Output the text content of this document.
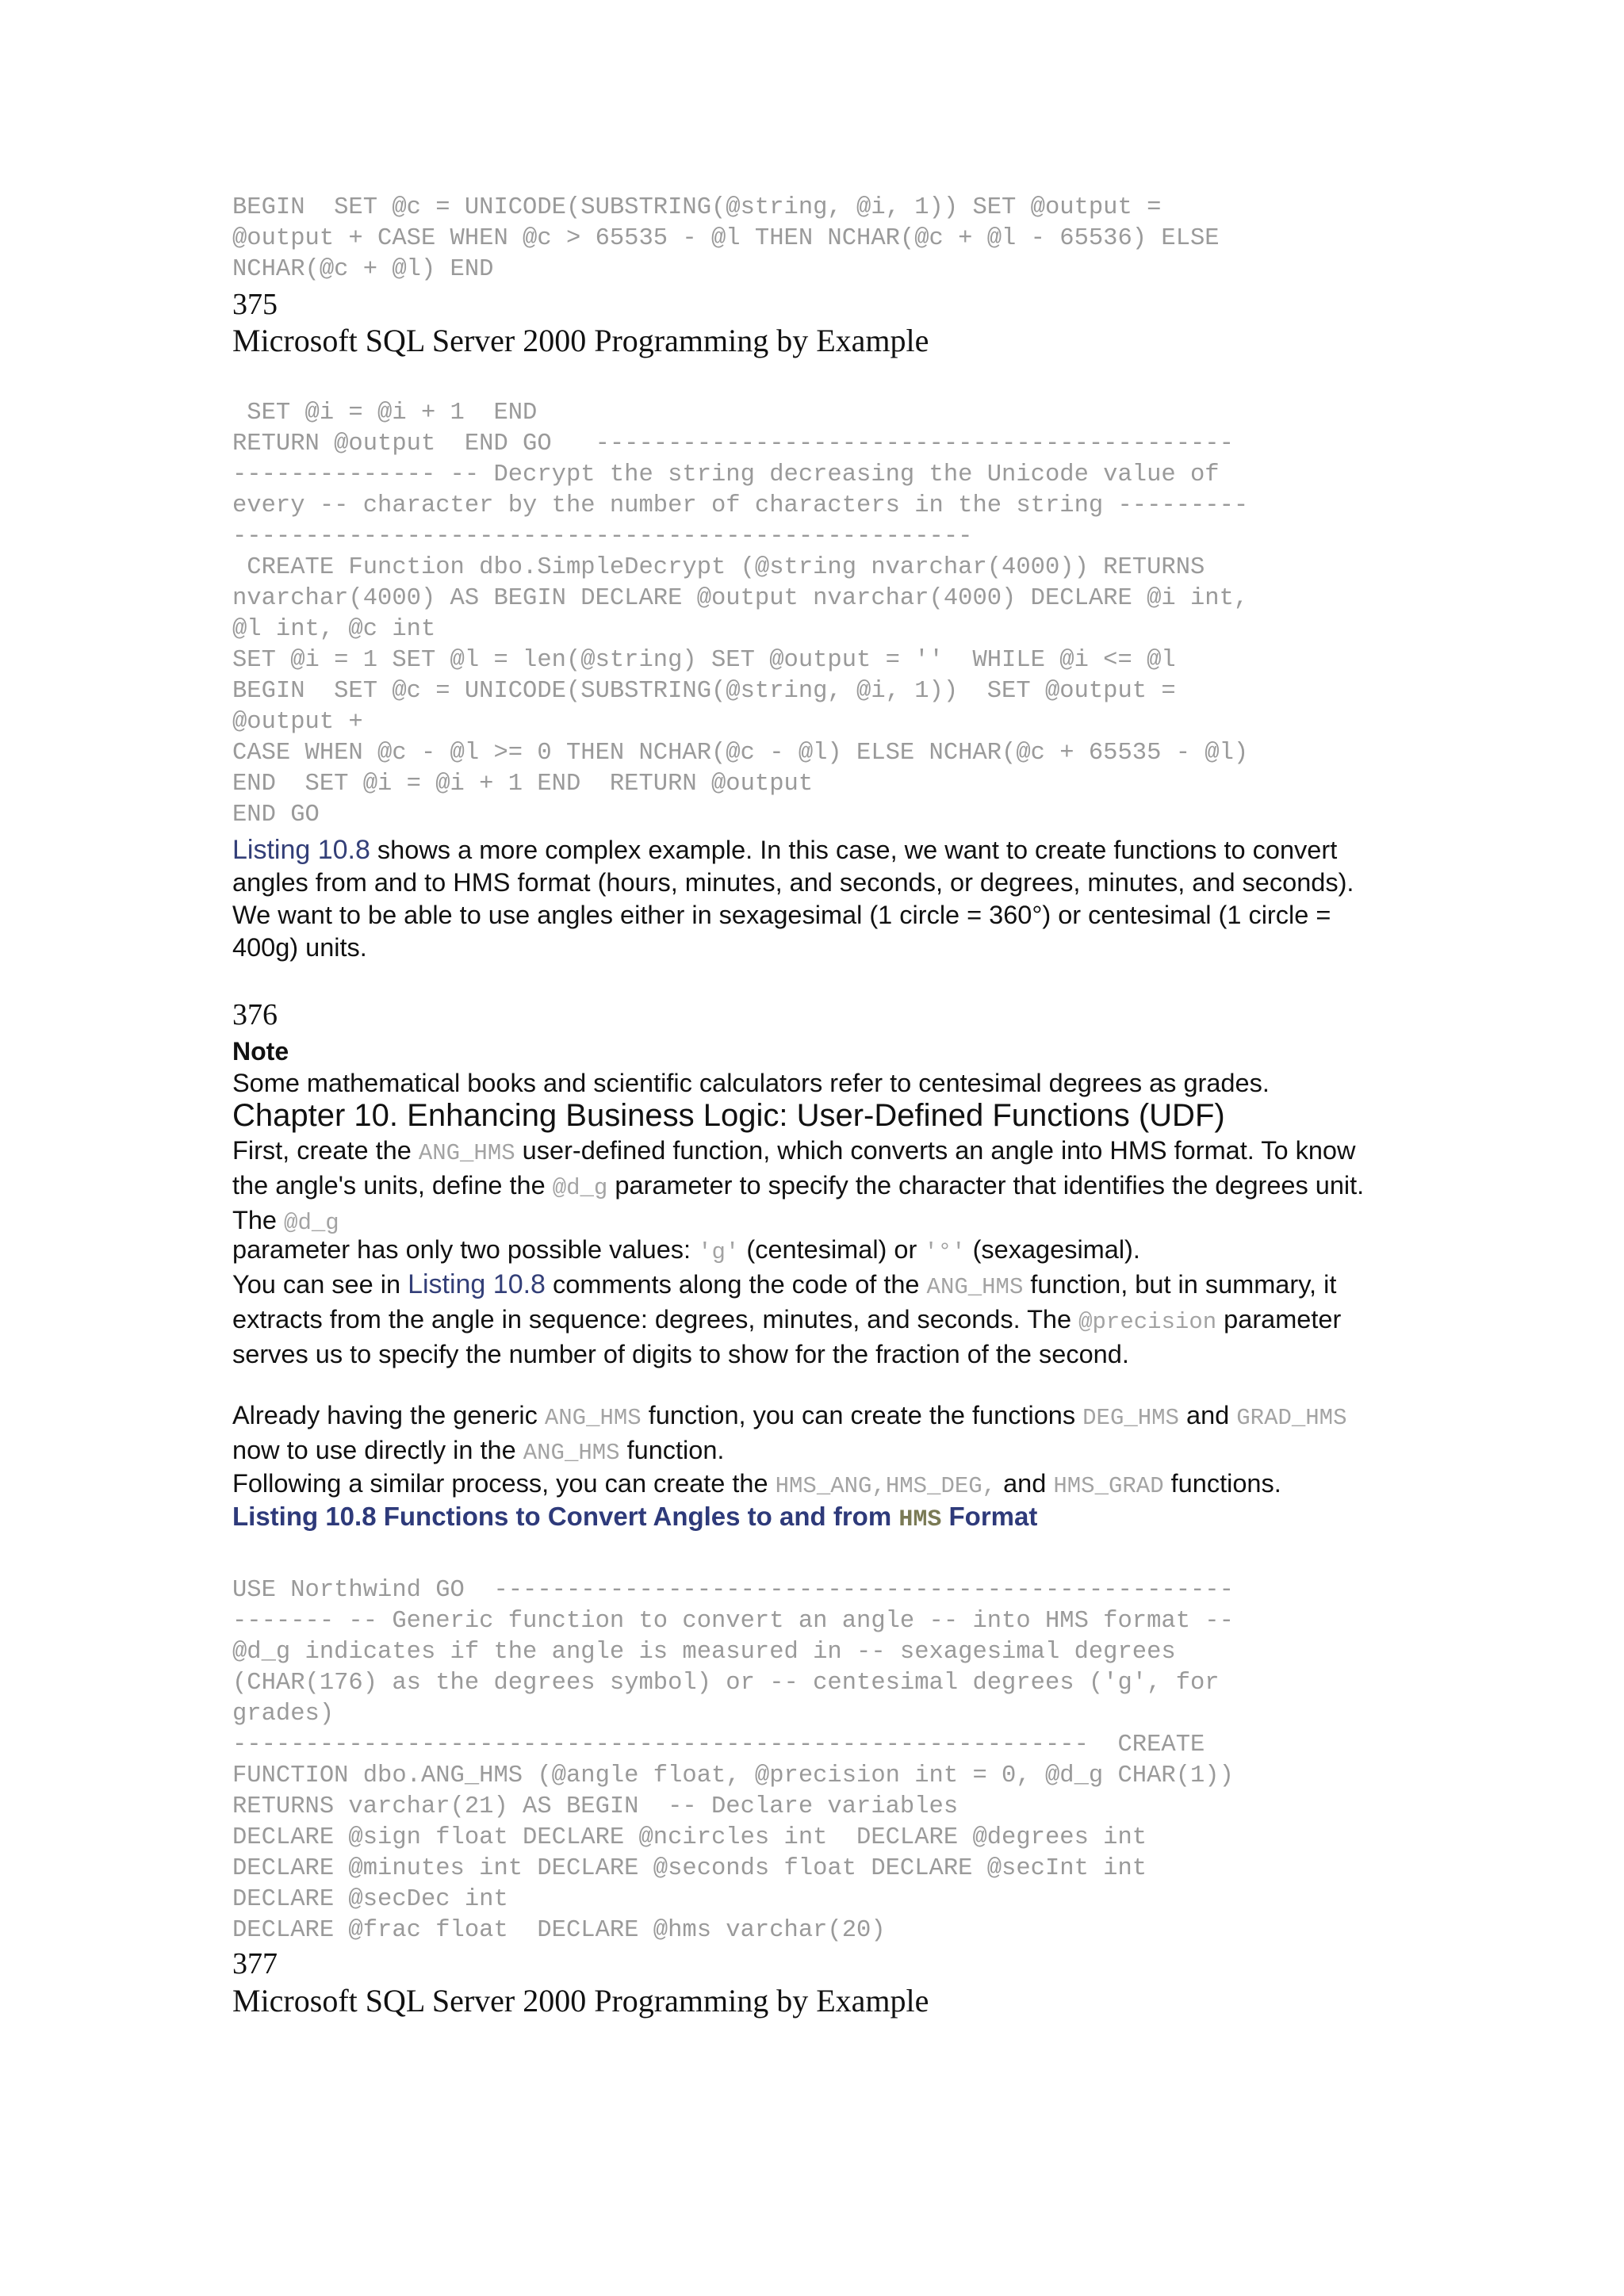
BEGIN  SET @c = UNICODE(SUBSTRING(@string, @i, 1)) SET @output =
@output + CASE WHEN @c > 65535 - @l THEN NCHAR(@c + @l - 65536) ELSE
NCHAR(@c + @l) END
375
Microsoft SQL Server 2000 Programming by Example
SET @i = @i + 1  END
RETURN @output  END GO   --------------------------------------------
-------------- -- Decrypt the string decreasing the Unicode value of
every -- character by the number of characters in the string ---------
---------------------------------------------------
CREATE Function dbo.SimpleDecrypt (@string nvarchar(4000)) RETURNS
nvarchar(4000) AS BEGIN DECLARE @output nvarchar(4000) DECLARE @i int,
@l int, @c int
SET @i = 1 SET @l = len(@string) SET @output = ''  WHILE @i <= @l
BEGIN  SET @c = UNICODE(SUBSTRING(@string, @i, 1))  SET @output =
@output +
CASE WHEN @c - @l >= 0 THEN NCHAR(@c - @l) ELSE NCHAR(@c + 65535 - @l)
END  SET @i = @i + 1 END  RETURN @output
END GO

Listing 10.8 shows a more complex example. In this case, we want to create functions to convert angles from and to HMS format (hours, minutes, and seconds, or degrees, minutes, and seconds). We want to be able to use angles either in sexagesimal (1 circle = 360°) or centesimal (1 circle = 400g) units.

376
Note

Some mathematical books and scientific calculators refer to centesimal degrees as grades.

Chapter 10. Enhancing Business Logic: User-Defined Functions (UDF)

First, create the ANG_HMS user-defined function, which converts an angle into HMS format. To know the angle's units, define the @d_g parameter to specify the character that identifies the degrees unit. The @d_g

parameter has only two possible values: 'g' (centesimal) or '°' (sexagesimal).

You can see in Listing 10.8 comments along the code of the ANG_HMS function, but in summary, it extracts from the angle in sequence: degrees, minutes, and seconds. The @precision parameter serves us to specify the number of digits to show for the fraction of the second.

Already having the generic ANG_HMS function, you can create the functions DEG_HMS and GRAD_HMS now to use directly in the ANG_HMS function.

Following a similar process, you can create the HMS_ANG,HMS_DEG, and HMS_GRAD functions.

Listing 10.8 Functions to Convert Angles to and from HMS Format
USE Northwind GO  ---------------------------------------------------
------- -- Generic function to convert an angle -- into HMS format --
@d_g indicates if the angle is measured in -- sexagesimal degrees
(CHAR(176) as the degrees symbol) or -- centesimal degrees ('g', for
grades)
-----------------------------------------------------------  CREATE
FUNCTION dbo.ANG_HMS (@angle float, @precision int = 0, @d_g CHAR(1))
RETURNS varchar(21) AS BEGIN  -- Declare variables
DECLARE @sign float DECLARE @ncircles int  DECLARE @degrees int
DECLARE @minutes int DECLARE @seconds float DECLARE @secInt int
DECLARE @secDec int
DECLARE @frac float  DECLARE @hms varchar(20)
377
Microsoft SQL Server 2000 Programming by Example
